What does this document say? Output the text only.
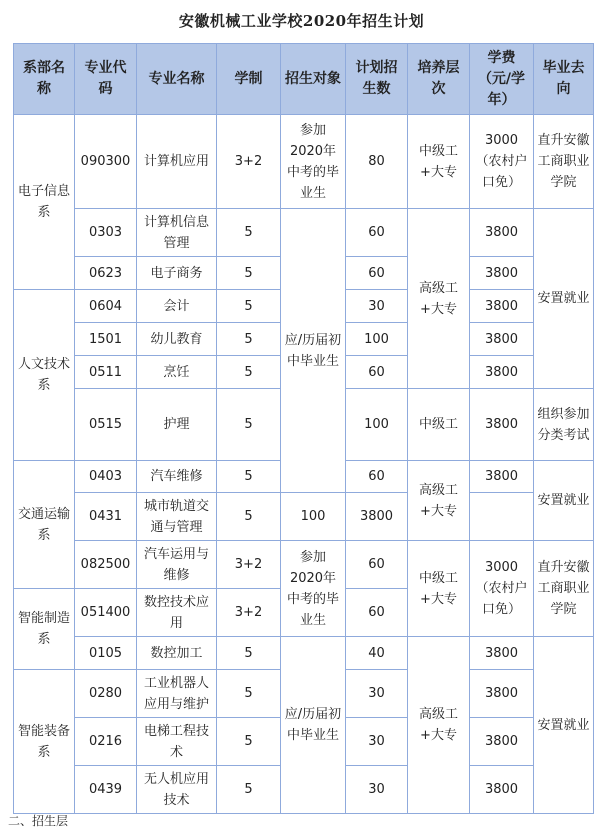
安徽机械工业学校2020年招生计划
系部名称	专业代码	专业名称	学制	招生对象	计划招生数	培养层次	学费（元/学年）	毕业去向
电子信息系	090300	计算机应用	3+2	参加2020年中考的毕业生	80	中级工+大专	3000（农村户口免）	直升安徽工商职业学院
	0303	计算机信息管理	5	应/历届初中毕业生	60	高级工+大专	3800	安置就业
	0623	电子商务	5		60		3800	
人文技术系	0604	会计	5		30		3800	
	1501	幼儿教育	5		100		3800	
	0511	烹饪	5		60		3800	
	0515	护理	5		100	中级工	3800	组织参加分类考试
交通运输系	0403	汽车维修	5		60	高级工+大专	3800	安置就业
	0431	城市轨道交通与管理	5	100	3800			
	082500	汽车运用与维修	3+2	参加2020年中考的毕业生	60	中级工+大专	3000（农村户口免）	直升安徽工商职业学院
智能制造系	051400	数控技术应用	3+2		60			
	0105	数控加工	5	应/历届初中毕业生	40	高级工+大专	3800	安置就业
智能装备系	0280	工业机器人应用与维护	5		30		3800	
	0216	电梯工程技术	5		30		3800	
	0439	无人机应用技术	5		30		3800	
二、招生层
